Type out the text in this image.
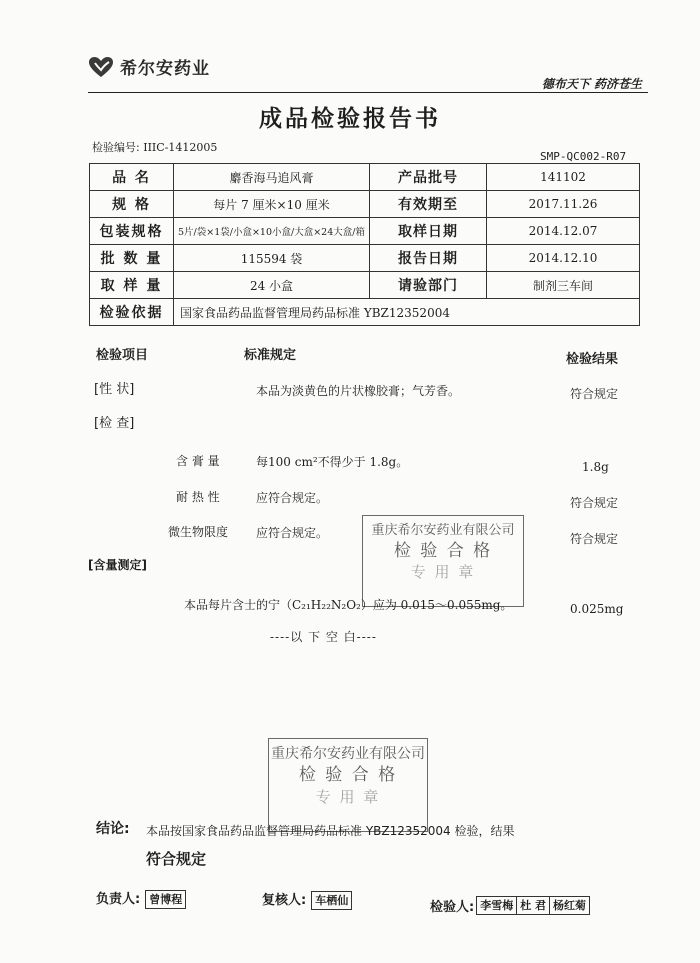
希尔安药业
德布天下 药济苍生
成品检验报告书
检验编号: IIIC-1412005
SMP-QC002-R07
品 名	麝香海马追风膏	产品批号	141102
规 格	每片 7 厘米×10 厘米	有效期至	2017.11.26
包装规格	5片/袋×1袋/小盒×10小盒/大盒×24大盒/箱	取样日期	2014.12.07
批 数 量	115594 袋	报告日期	2014.12.10
取 样 量	24 小盒	请验部门	制剂三车间
检验依据	国家食品药品监督管理局药品标准 YBZ12352004		
检验项目	标准规定	检验结果
[性 状]	本品为淡黄色的片状橡胶膏；气芳香。	符合规定
[检 查]
含 膏 量	每100 cm²不得少于 1.8g。	1.8g
耐 热 性	应符合规定。	符合规定
微生物限度 应符合规定。	符合规定
重庆希尔安药业有限公司
检 验 合 格
专 用 章
[含量测定]
本品每片含士的宁（C₂₁H₂₂N₂O₂）应为 0.015～0.055mg。	0.025mg
----以 下 空 白----
重庆希尔安药业有限公司
检 验 合 格
专 用 章
结论: 本品按国家食品药品监督管理局药品标准 YBZ12352004 检验，结果
符合规定
负责人: 曾博程	复核人: 车栖仙	检验人: 李雪梅 杜 君 杨红菊
